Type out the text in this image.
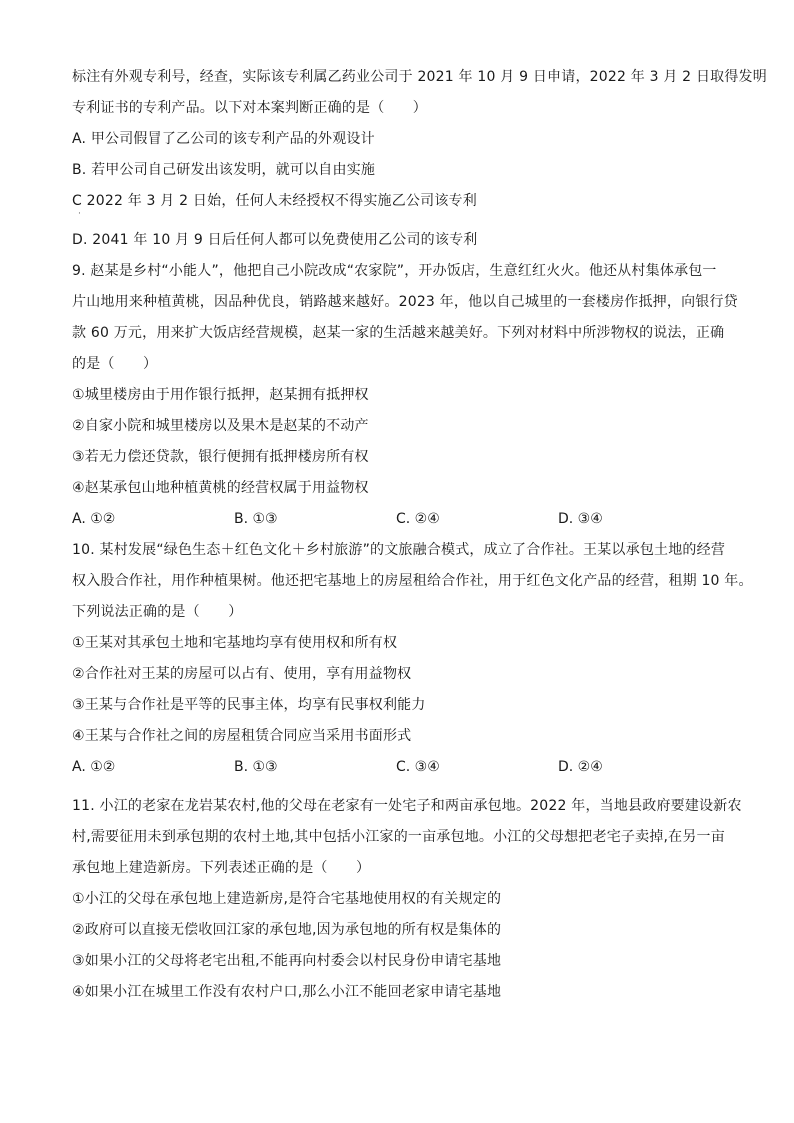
标注有外观专利号，经查，实际该专利属乙药业公司于 2021 年 10 月 9 日申请，2022 年 3 月 2 日取得发明

专利证书的专利产品。以下对本案判断正确的是（　　）

A. 甲公司假冒了乙公司的该专利产品的外观设计

B. 若甲公司自己研发出该发明，就可以自由实施

C 2022 年 3 月 2 日始，任何人未经授权不得实施乙公司该专利

·

D. 2041 年 10 月 9 日后任何人都可以免费使用乙公司的该专利

9. 赵某是乡村“小能人”，他把自己小院改成“农家院”，开办饭店，生意红红火火。他还从村集体承包一

片山地用来种植黄桃，因品种优良，销路越来越好。2023 年，他以自己城里的一套楼房作抵押，向银行贷

款 60 万元，用来扩大饭店经营规模，赵某一家的生活越来越美好。下列对材料中所涉物权的说法，正确

的是（　　）

①城里楼房由于用作银行抵押，赵某拥有抵押权

②自家小院和城里楼房以及果木是赵某的不动产

③若无力偿还贷款，银行便拥有抵押楼房所有权

④赵某承包山地种植黄桃的经营权属于用益物权

A. ①②	B. ①③	C. ②④	D. ③④

10. 某村发展“绿色生态＋红色文化＋乡村旅游”的文旅融合模式，成立了合作社。王某以承包土地的经营

权入股合作社，用作种植果树。他还把宅基地上的房屋租给合作社，用于红色文化产品的经营，租期 10 年。

下列说法正确的是（　　）

①王某对其承包土地和宅基地均享有使用权和所有权

②合作社对王某的房屋可以占有、使用，享有用益物权

③王某与合作社是平等的民事主体，均享有民事权利能力

④王某与合作社之间的房屋租赁合同应当采用书面形式

A. ①②	B. ①③	C. ③④	D. ②④

11. 小江的老家在龙岩某农村,他的父母在老家有一处宅子和两亩承包地。2022 年，当地县政府要建设新农

村,需要征用未到承包期的农村土地,其中包括小江家的一亩承包地。小江的父母想把老宅子卖掉,在另一亩

承包地上建造新房。下列表述正确的是（　　）

①小江的父母在承包地上建造新房,是符合宅基地使用权的有关规定的

②政府可以直接无偿收回江家的承包地,因为承包地的所有权是集体的

③如果小江的父母将老宅出租,不能再向村委会以村民身份申请宅基地

④如果小江在城里工作没有农村户口,那么小江不能回老家申请宅基地
